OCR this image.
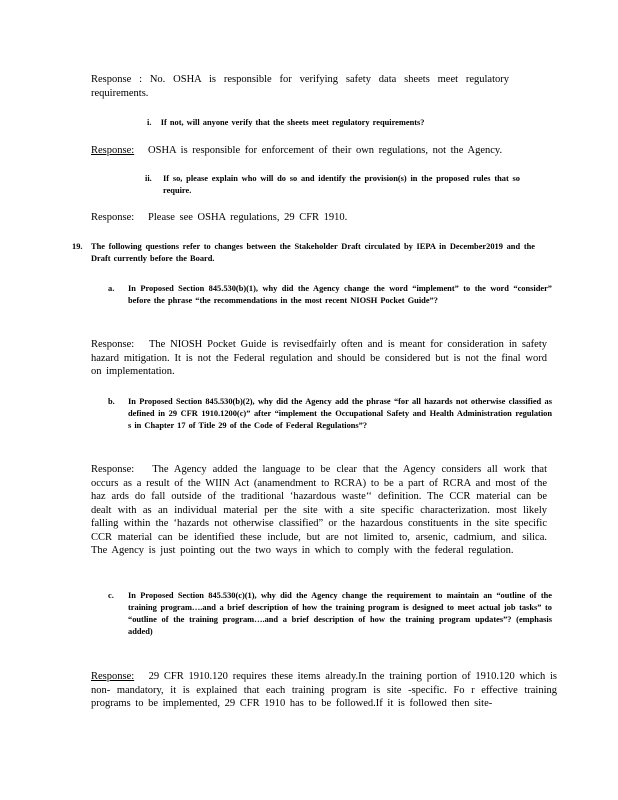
Response : No. OSHA is responsible for verifying safety data sheets meet regulatory requirements.

i. If not, will anyone verify that the sheets meet regulatory requirements?

Response: OSHA is responsible for enforcement of their own regulations, not the Agency.

ii. If so, please explain who will do so and identify the provision(s) in the proposed rules that so require.

Response: Please see OSHA regulations, 29 CFR 1910.

19. The following questions refer to changes between the Stakeholder Draft circulated by IEPA in December2019 and the Draft currently before the Board.
a. In Proposed Section 845.530(b)(1), why did the Agency change the word “implement” to the word “consider” before the phrase “the recommendations in the most recent NIOSH Pocket Guide”?

Response: The NIOSH Pocket Guide is revisedfairly often and is meant for consideration in safety hazard mitigation. It is not the Federal regulation and should be considered but is not the final word on implementation.

b. In Proposed Section 845.530(b)(2), why did the Agency add the phrase “for all hazards not otherwise classified as defined in 29 CFR 1910.1200(c)” after “implement the Occupational Safety and Health Administration regulation s in Chapter 17 of Title 29 of the Code of Federal Regulations”?

Response: The Agency added the language to be clear that the Agency considers all work that occurs as a result of the WIIN Act (anamendment to RCRA) to be a part of RCRA and most of the haz ards do fall outside of the traditional ‘hazardous waste‘‘ definition. The CCR material can be dealt with as an individual material per the site with a site specific characterization. most likely falling within the ‘hazards not otherwise classified” or the hazardous constituents in the site specific CCR material can be identified these include, but are not limited to, arsenic, cadmium, and silica. The Agency is just pointing out the two ways in which to comply with the federal regulation.

c. In Proposed Section 845.530(c)(1), why did the Agency change the requirement to maintain an “outline of the training program….and a brief description of how the training program is designed to meet actual job tasks” to “outline of the training program….and a brief description of how the training program updates”? (emphasis added)

Response: 29 CFR 1910.120 requires these items already.In the training portion of 1910.120 which is non- mandatory, it is explained that each training program is site -specific. Fo r effective training programs to be implemented, 29 CFR 1910 has to be followed.If it is followed then site-
